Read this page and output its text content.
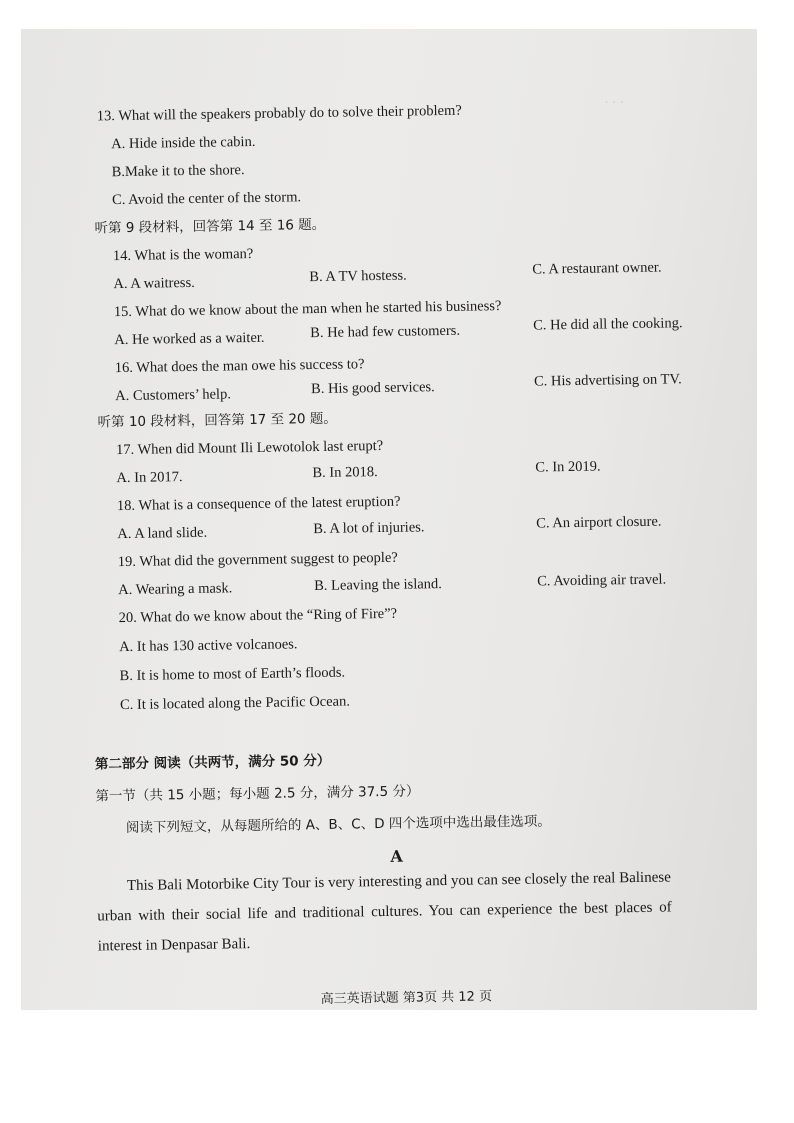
· · ·
13. What will the speakers probably do to solve their problem?
A. Hide inside the cabin.
B.Make it to the shore.
C. Avoid the center of the storm.
听第 9 段材料，回答第 14 至 16 题。
14. What is the woman?
A. A waitress.	B. A TV hostess.	C. A restaurant owner.
15. What do we know about the man when he started his business?
A. He worked as a waiter.	B. He had few customers.	C. He did all the cooking.
16. What does the man owe his success to?
A. Customers’ help.	B. His good services.	C. His advertising on TV.
听第 10 段材料，回答第 17 至 20 题。
17. When did Mount Ili Lewotolok last erupt?
A. In 2017.	B. In 2018.	C. In 2019.
18. What is a consequence of the latest eruption?
A. A land slide.	B. A lot of injuries.	C. An airport closure.
19. What did the government suggest to people?
A. Wearing a mask.	B. Leaving the island.	C. Avoiding air travel.
20. What do we know about the “Ring of Fire”?
A. It has 130 active volcanoes.
B. It is home to most of Earth’s floods.
C. It is located along the Pacific Ocean.
第二部分 阅读（共两节，满分 50 分）
第一节（共 15 小题；每小题 2.5 分，满分 37.5 分）
阅读下列短文，从每题所给的 A、B、C、D 四个选项中选出最佳选项。
A
This Bali Motorbike City Tour is very interesting and you can see closely the real Balinese
urban with their social life and traditional cultures. You can experience the best places of
interest in Denpasar Bali.
高三英语试题 第3页 共 12 页
